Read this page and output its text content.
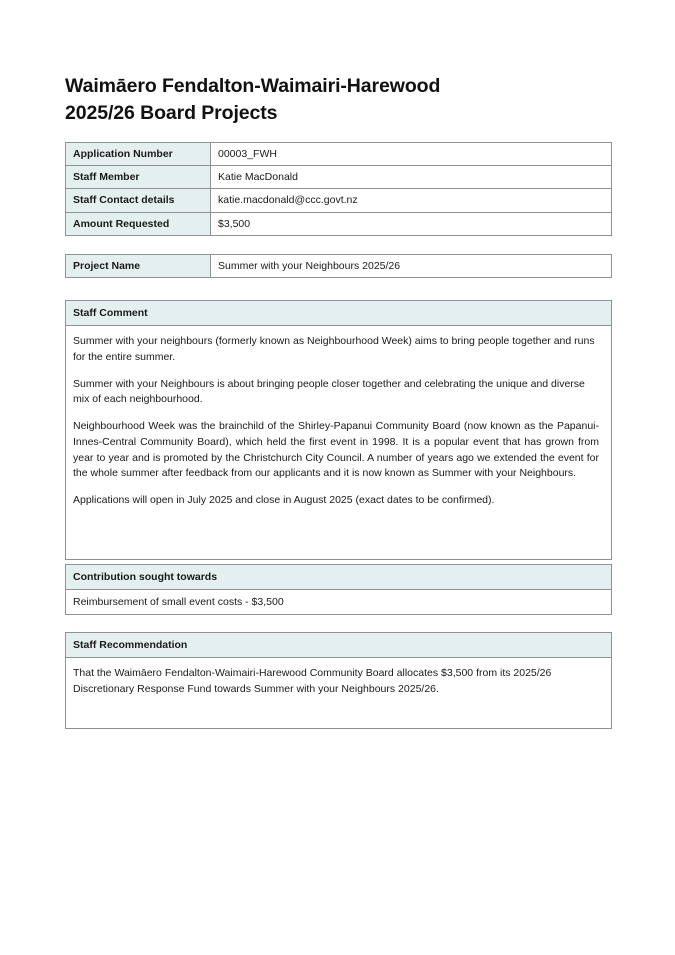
Waimāero Fendalton-Waimairi-Harewood
2025/26 Board Projects
Application Number	00003_FWH
Staff Member	Katie MacDonald
Staff Contact details	katie.macdonald@ccc.govt.nz
Amount Requested	$3,500
Project Name	Summer with your Neighbours 2025/26
Staff Comment

Summer with your neighbours (formerly known as Neighbourhood Week) aims to bring people together and runs for the entire summer.

Summer with your Neighbours is about bringing people closer together and celebrating the unique and diverse mix of each neighbourhood.

Neighbourhood Week was the brainchild of the Shirley-Papanui Community Board (now known as the Papanui-Innes-Central Community Board), which held the first event in 1998. It is a popular event that has grown from year to year and is promoted by the Christchurch City Council. A number of years ago we extended the event for the whole summer after feedback from our applicants and it is now known as Summer with your Neighbours.

Applications will open in July 2025 and close in August 2025 (exact dates to be confirmed).

Contribution sought towards
Reimbursement of small event costs - $3,500
Staff Recommendation

That the Waimāero Fendalton-Waimairi-Harewood Community Board allocates $3,500 from its 2025/26 Discretionary Response Fund towards Summer with your Neighbours 2025/26.
